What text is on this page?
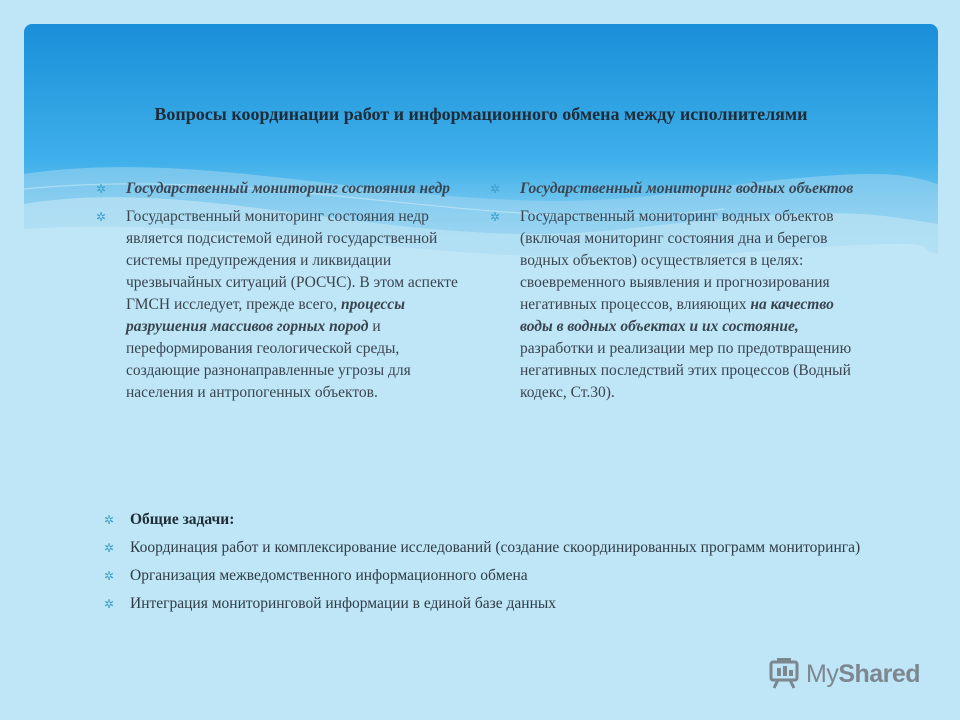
Вопросы координации работ и информационного обмена между исполнителями
✲ Государственный мониторинг состояния недр
✲ Государственный мониторинг состояния недр является подсистемой единой государственной системы предупреждения и ликвидации чрезвычайных ситуаций (РОСЧС). В этом аспекте ГМСН исследует, прежде всего, процессы разрушения массивов горных пород и переформирования геологической среды, создающие разнонаправленные угрозы для населения и антропогенных объектов.
✲ Государственный мониторинг водных объектов
✲ Государственный мониторинг водных объектов (включая мониторинг состояния дна и берегов водных объектов) осуществляется в целях: своевременного выявления и прогнозирования негативных процессов, влияющих на качество воды в водных объектах и их состояние, разработки и реализации мер по предотвращению негативных последствий этих процессов (Водный кодекс, Ст.30).
✲ Общие задачи:
✲ Координация работ и комплексирование исследований (создание скоординированных программ мониторинга)
✲ Организация межведомственного информационного обмена
✲ Интеграция мониторинговой информации в единой базе данных
MyShared
